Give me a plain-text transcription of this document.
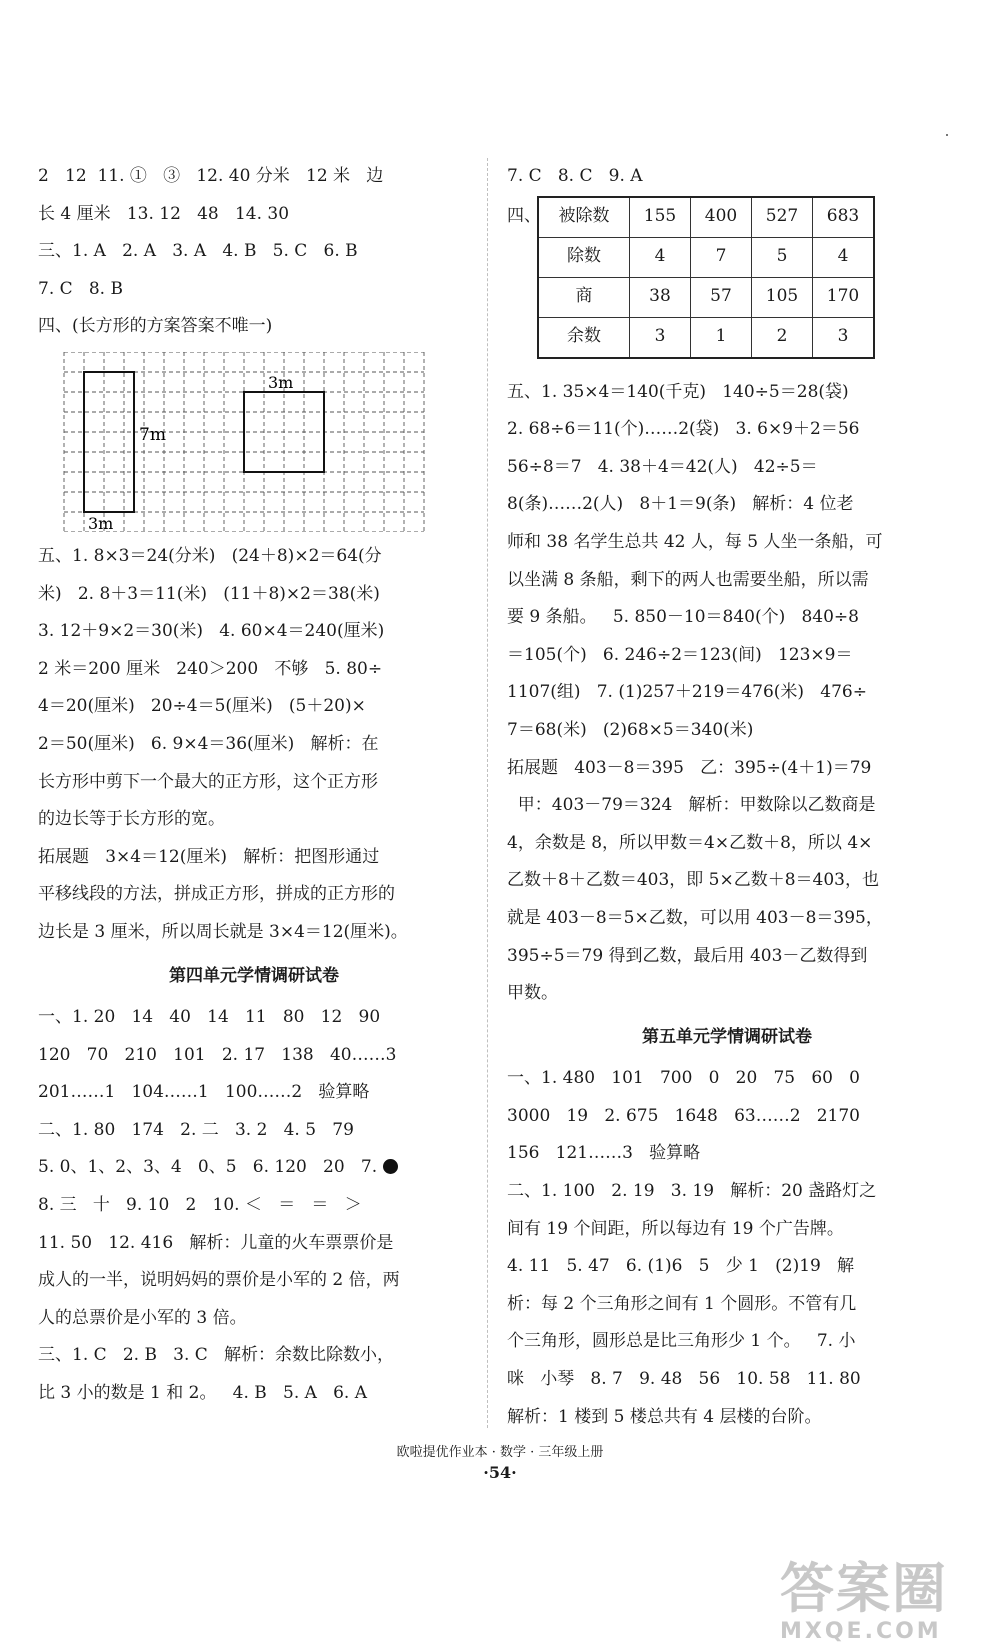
2   12  11. ①   ③   12. 40 分米   12 米   边
长 4 厘米   13. 12   48   14. 30
三、1. A   2. A   3. A   4. B   5. C   6. B
7. C   8. B
四、(长方形的方案答案不唯一)
7m
3m
3m
五、1. 8×3＝24(分米)   (24＋8)×2＝64(分
米)   2. 8＋3＝11(米)   (11＋8)×2＝38(米)
3. 12＋9×2＝30(米)   4. 60×4＝240(厘米)
2 米＝200 厘米   240＞200   不够   5. 80÷
4＝20(厘米)   20÷4＝5(厘米)   (5＋20)×
2＝50(厘米)   6. 9×4＝36(厘米)   解析：在
长方形中剪下一个最大的正方形，这个正方形
的边长等于长方形的宽。
拓展题   3×4＝12(厘米)   解析：把图形通过
平移线段的方法，拼成正方形，拼成的正方形的
边长是 3 厘米，所以周长就是 3×4＝12(厘米)。
第四单元学情调研试卷
一、1. 20   14   40   14   11   80   12   90
120   70   210   101   2. 17   138   40……3
201……1   104……1   100……2   验算略
二、1. 80   174   2. 二   3. 2   4. 5   79
5. 0、1、2、3、4   0、5   6. 120   20   7.
8. 三   十   9. 10   2   10. ＜   ＝   ＝   ＞
11. 50   12. 416   解析：儿童的火车票票价是
成人的一半，说明妈妈的票价是小军的 2 倍，两
人的总票价是小军的 3 倍。
三、1. C   2. B   3. C   解析：余数比除数小，
比 3 小的数是 1 和 2。   4. B   5. A   6. A
7. C   8. C   9. A
四、 被除数	155	400	527	683
除数	4	7	5	4
商	38	57	105	170
余数	3	1	2	3
五、1. 35×4＝140(千克)   140÷5＝28(袋)
2. 68÷6＝11(个)……2(袋)   3. 6×9＋2＝56
56÷8＝7   4. 38＋4＝42(人)   42÷5＝
8(条)……2(人)   8＋1＝9(条)   解析：4 位老
师和 38 名学生总共 42 人，每 5 人坐一条船，可
以坐满 8 条船，剩下的两人也需要坐船，所以需
要 9 条船。   5. 850－10＝840(个)   840÷8
＝105(个)   6. 246÷2＝123(间)   123×9＝
1107(组)   7. (1)257＋219＝476(米)   476÷
7＝68(米)   (2)68×5＝340(米)
拓展题   403－8＝395   乙：395÷(4＋1)＝79
甲：403－79＝324   解析：甲数除以乙数商是
4，余数是 8，所以甲数＝4×乙数＋8，所以 4×
乙数＋8＋乙数＝403，即 5×乙数＋8＝403，也
就是 403－8＝5×乙数，可以用 403－8＝395，
395÷5＝79 得到乙数，最后用 403－乙数得到
甲数。
第五单元学情调研试卷
一、1. 480   101   700   0   20   75   60   0
3000   19   2. 675   1648   63……2   2170
156   121……3   验算略
二、1. 100   2. 19   3. 19   解析：20 盏路灯之
间有 19 个间距，所以每边有 19 个广告牌。
4. 11   5. 47   6. (1)6   5   少 1   (2)19   解
析：每 2 个三角形之间有 1 个圆形。不管有几
个三角形，圆形总是比三角形少 1 个。   7. 小
咪   小琴   8. 7   9. 48   56   10. 58   11. 80
解析：1 楼到 5 楼总共有 4 层楼的台阶。
欧啦提优作业本 · 数学 · 三年级上册
·54·
答案圈
MXQE.COM
